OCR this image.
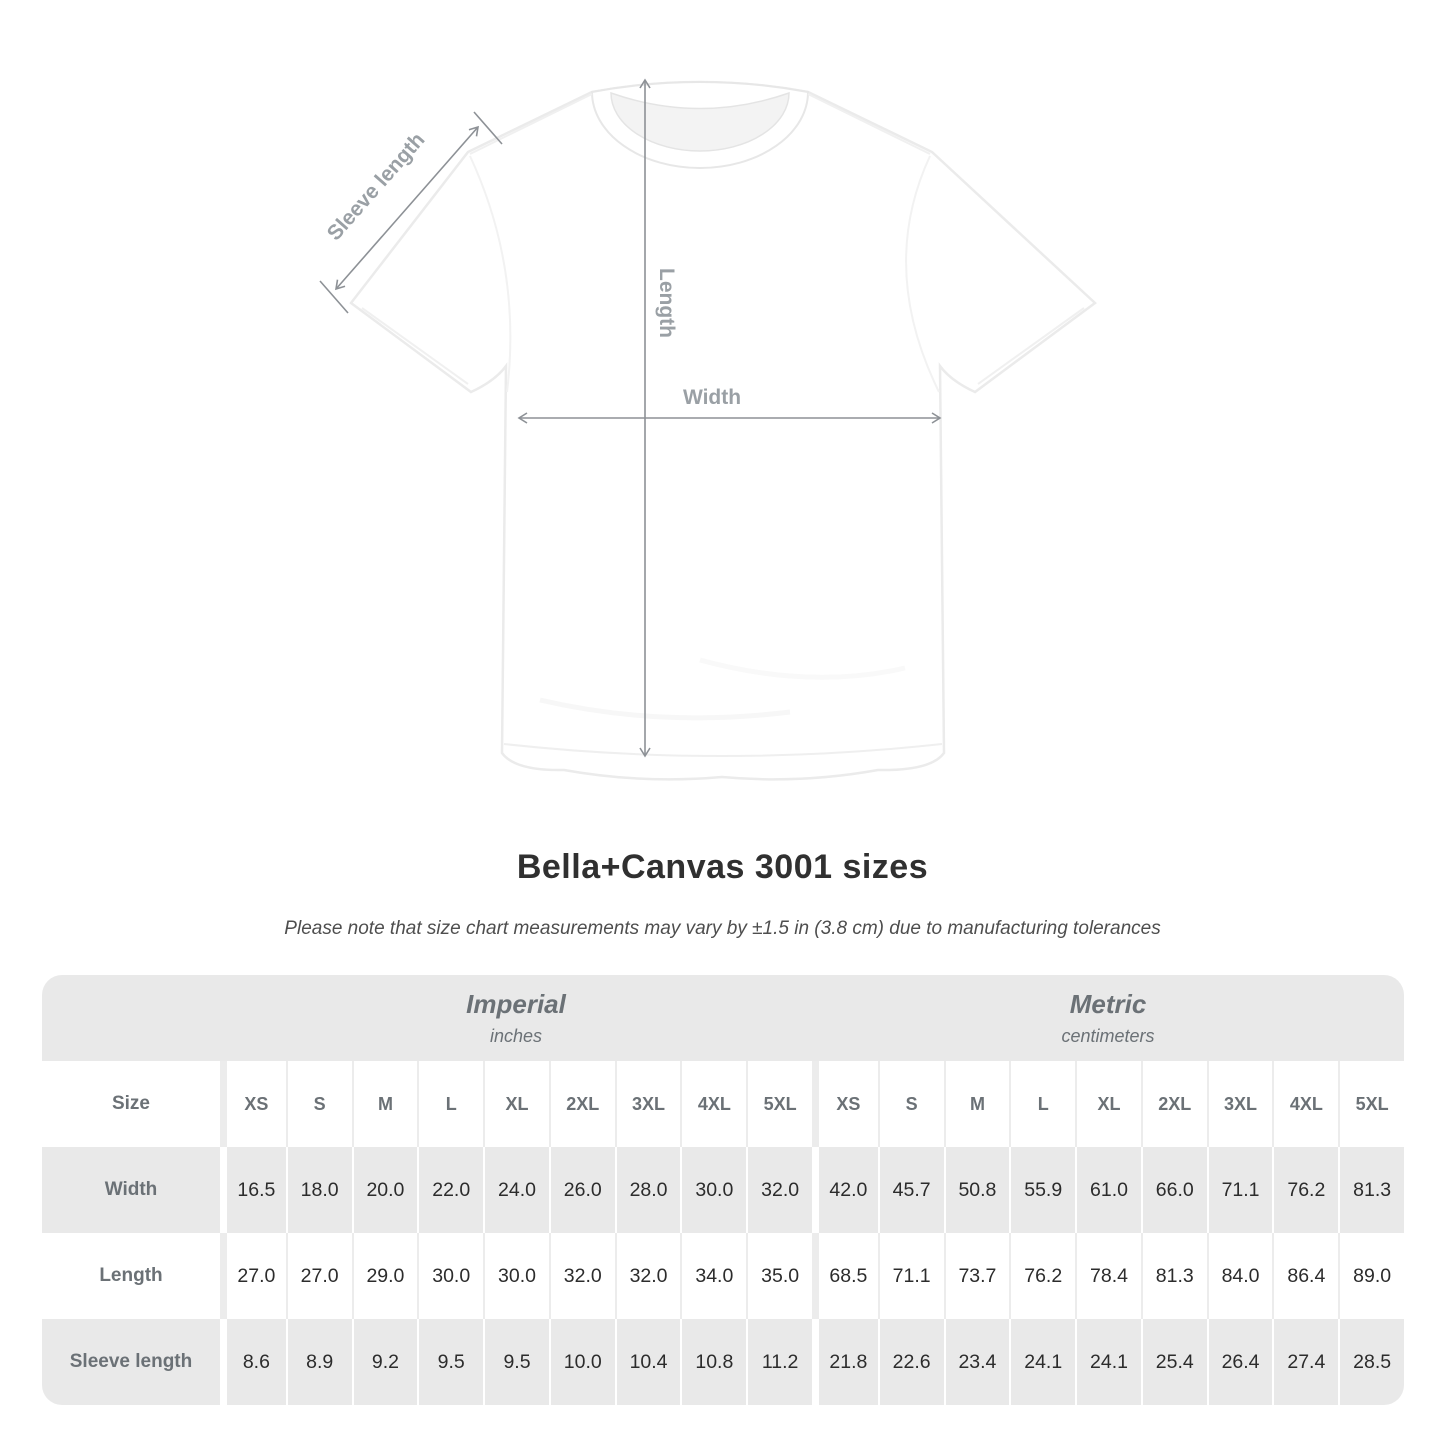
Length
Width
Sleeve length
Bella+Canvas 3001 sizes
Please note that size chart measurements may vary by ±1.5 in (3.8 cm) due to manufacturing tolerances
Imperial
inches
Metric
centimeters
Size	XS	S	M	L	XL	2XL	3XL	4XL	5XL	XS	S	M	L	XL	2XL	3XL	4XL	5XL
Width	16.5	18.0	20.0	22.0	24.0	26.0	28.0	30.0	32.0	42.0	45.7	50.8	55.9	61.0	66.0	71.1	76.2	81.3
Length	27.0	27.0	29.0	30.0	30.0	32.0	32.0	34.0	35.0	68.5	71.1	73.7	76.2	78.4	81.3	84.0	86.4	89.0
Sleeve length	8.6	8.9	9.2	9.5	9.5	10.0	10.4	10.8	11.2	21.8	22.6	23.4	24.1	24.1	25.4	26.4	27.4	28.5
